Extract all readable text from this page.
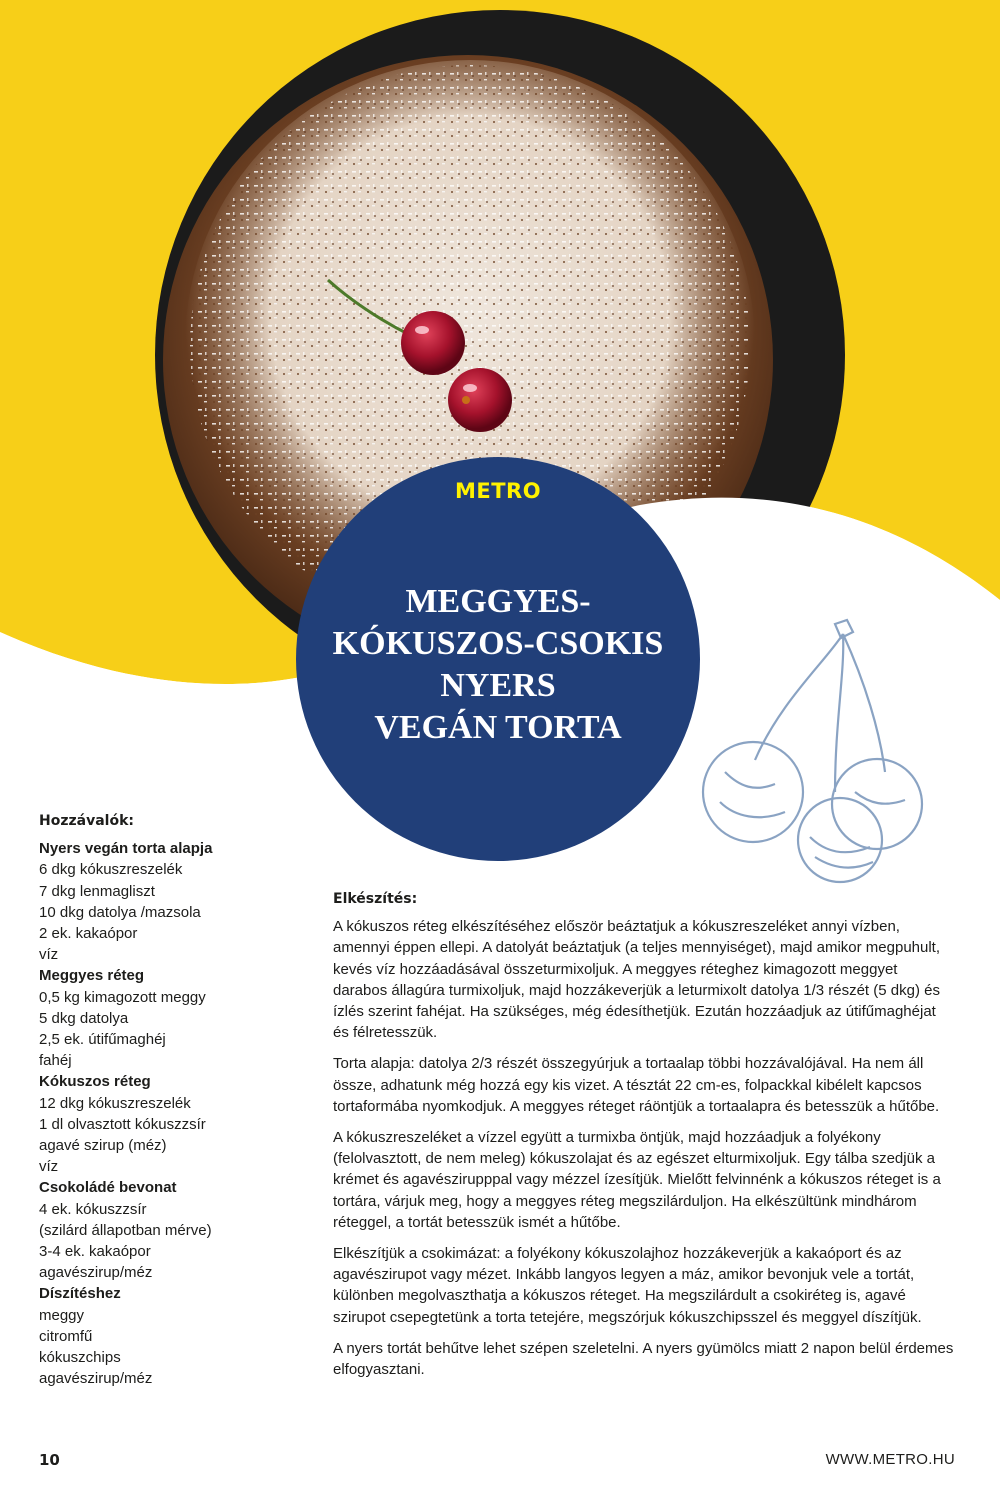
METRO
MEGGYES-
KÓKUSZOS-CSOKIS
NYERS
VEGÁN TORTA
Hozzávalók:
Nyers vegán torta alapja
6 dkg kókuszreszelék
7 dkg lenmagliszt
10 dkg datolya /mazsola
2 ek. kakaópor
víz
Meggyes réteg
0,5 kg kimagozott meggy
5 dkg datolya
2,5 ek. útifűmaghéj
fahéj
Kókuszos réteg
12 dkg kókuszreszelék
1 dl olvasztott kókuszzsír
agavé szirup (méz)
víz
Csokoládé bevonat
4 ek. kókuszzsír
(szilárd állapotban mérve)
3-4 ek. kakaópor
agavészirup/méz
Díszítéshez
meggy
citromfű
kókuszchips
agavészirup/méz
Elkészítés:

A kókuszos réteg elkészítéséhez először beáztatjuk a kókuszreszeléket annyi vízben, amennyi éppen ellepi. A datolyát beáztatjuk (a teljes mennyiséget), majd amikor megpuhult, kevés víz hozzáadásával összeturmixoljuk. A meggyes réteghez kimagozott meggyet darabos állagúra turmixoljuk, majd hozzákeverjük a leturmixolt datolya 1/3 részét (5 dkg) és ízlés szerint fahéjat. Ha szükséges, még édesíthetjük. Ezután hozzáadjuk az útifűmaghéjat és félretesszük.

Torta alapja: datolya 2/3 részét összegyúrjuk a tortaalap többi hozzávalójával. Ha nem áll össze, adhatunk még hozzá egy kis vizet. A tésztát 22 cm-es, folpackkal kibélelt kapcsos tortaformába nyomkodjuk. A meggyes réteget ráöntjük a tortaalapra és betesszük a hűtőbe.

A kókuszreszeléket a vízzel együtt a turmixba öntjük, majd hozzáadjuk a folyékony (felolvasztott, de nem meleg) kókuszolajat és az egészet elturmixoljuk. Egy tálba szedjük a krémet és agavészirupppal vagy mézzel ízesítjük. Mielőtt felvinnénk a kókuszos réteget is a tortára, várjuk meg, hogy a meggyes réteg megszilárduljon. Ha elkészültünk mindhárom réteggel, a tortát betesszük ismét a hűtőbe.

Elkészítjük a csokimázat: a folyékony kókuszolajhoz hozzákeverjük a kakaóport és az agavészirupot vagy mézet. Inkább langyos legyen a máz, amikor bevonjuk vele a tortát, különben megolvaszthatja a kókuszos réteget. Ha megszilárdult a csokiréteg is, agavé szirupot csepegtetünk a torta tetejére, megszórjuk kókuszchipsszel és meggyel díszítjük.

A nyers tortát behűtve lehet szépen szeletelni. A nyers gyümölcs miatt 2 napon belül érdemes elfogyasztani.

10	WWW.METRO.HU
